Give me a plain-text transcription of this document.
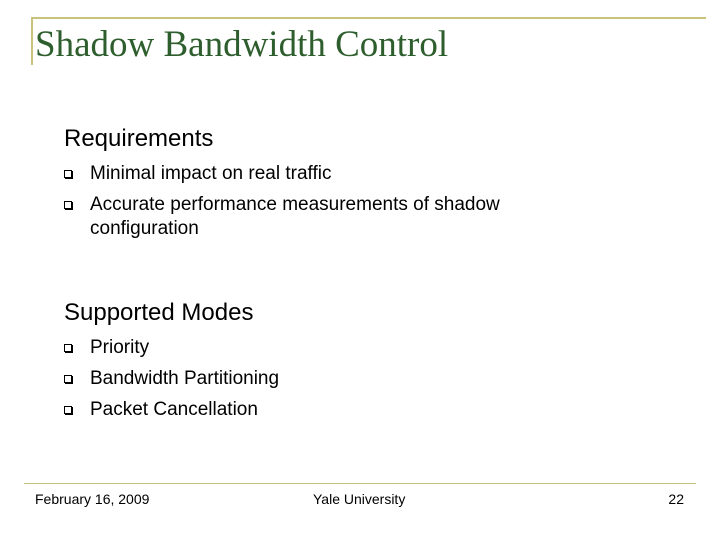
Shadow Bandwidth Control
Requirements
Minimal impact on real traffic
Accurate performance measurements of shadow configuration
Supported Modes
Priority
Bandwidth Partitioning
Packet Cancellation
February 16, 2009	Yale University	22
